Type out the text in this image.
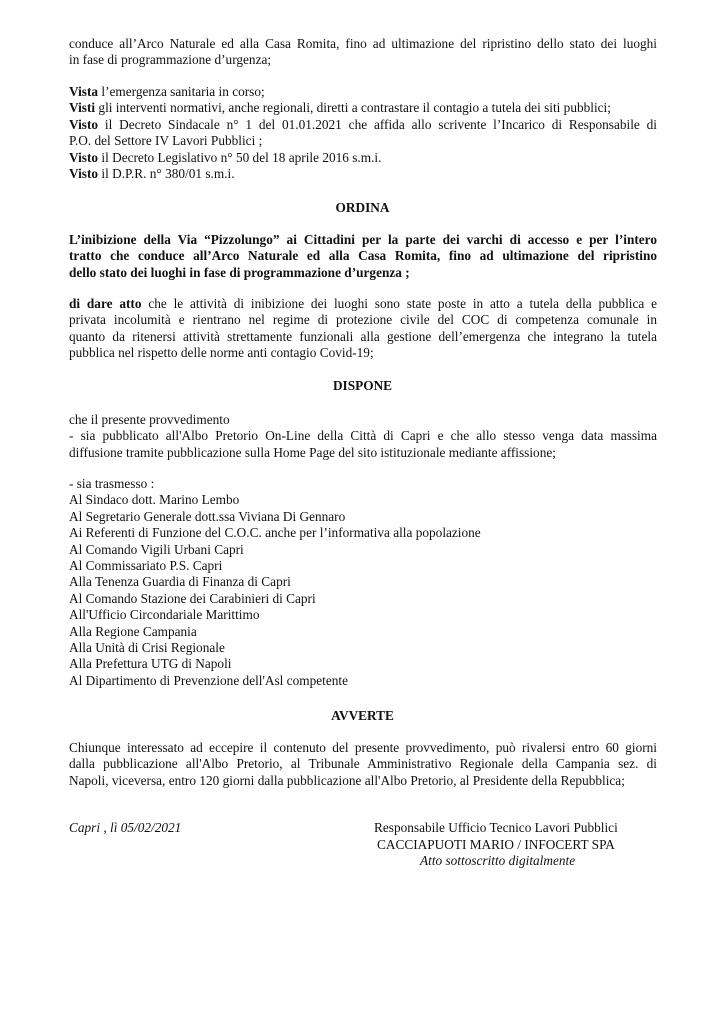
conduce all’Arco Naturale ed alla Casa Romita, fino ad ultimazione del ripristino dello stato dei luoghi
in fase di programmazione d’urgenza;
Vista l’emergenza sanitaria in corso;
Visti gli interventi normativi, anche regionali, diretti a contrastare il contagio a tutela dei siti pubblici;
Visto il Decreto Sindacale n° 1 del 01.01.2021 che affida allo scrivente l’Incarico di Responsabile di
P.O. del Settore IV Lavori Pubblici ;
Visto il Decreto Legislativo n° 50 del 18 aprile 2016 s.m.i.
Visto il D.P.R. n° 380/01 s.m.i.

ORDINA

L’inibizione della Via “Pizzolungo” ai Cittadini per la parte dei varchi di accesso e per l’intero
tratto che conduce all’Arco Naturale ed alla Casa Romita, fino ad ultimazione del ripristino
dello stato dei luoghi in fase di programmazione d’urgenza ;
di dare atto che le attività di inibizione dei luoghi sono state poste in atto a tutela della pubblica e
privata incolumità e rientrano nel regime di protezione civile del COC di competenza comunale in
quanto da ritenersi attività strettamente funzionali alla gestione dell’emergenza che integrano la tutela
pubblica nel rispetto delle norme anti contagio Covid-19;

DISPONE

che il presente provvedimento
- sia pubblicato all'Albo Pretorio On-Line della Città di Capri e che allo stesso venga data massima
diffusione tramite pubblicazione sulla Home Page del sito istituzionale mediante affissione;
- sia trasmesso :
Al Sindaco dott. Marino Lembo
Al Segretario Generale dott.ssa Viviana Di Gennaro
Ai Referenti di Funzione del C.O.C. anche per l’informativa alla popolazione
Al Comando Vigili Urbani Capri
Al Commissariato P.S. Capri
Alla Tenenza Guardia di Finanza di Capri
Al Comando Stazione dei Carabinieri di Capri
All'Ufficio Circondariale Marittimo
Alla Regione Campania
Alla Unità di Crisi Regionale
Alla Prefettura UTG di Napoli
Al Dipartimento di Prevenzione dell'Asl competente

AVVERTE

Chiunque interessato ad eccepire il contenuto del presente provvedimento, può rivalersi entro 60 giorni
dalla pubblicazione all'Albo Pretorio, al Tribunale Amministrativo Regionale della Campania sez. di
Napoli, viceversa, entro 120 giorni dalla pubblicazione all'Albo Pretorio, al Presidente della Repubblica;

Capri , lì 05/02/2021	Responsabile Ufficio Tecnico Lavori Pubblici

CACCIAPUOTI MARIO / INFOCERT SPA

Atto sottoscritto digitalmente
